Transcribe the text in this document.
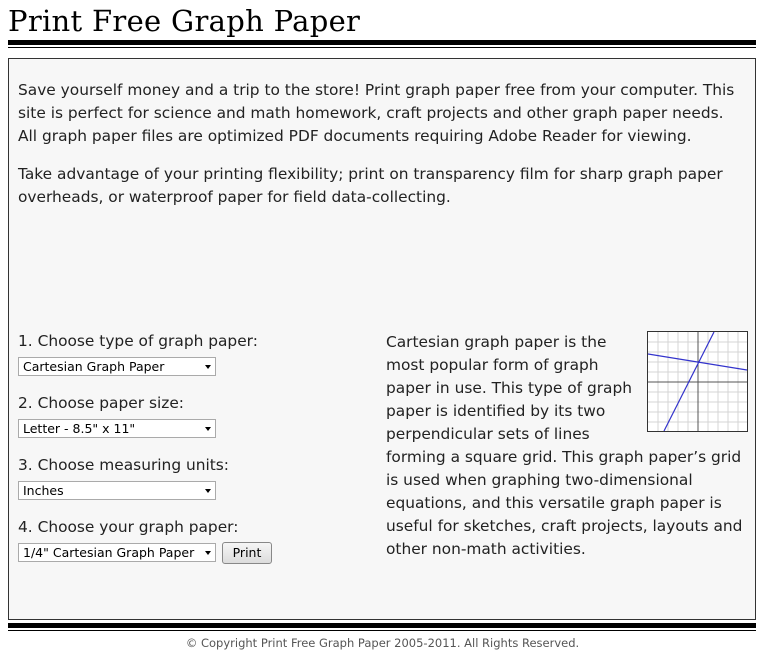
Print Free Graph Paper

Save yourself money and a trip to the store! Print graph paper free from your computer. This site is perfect for science and math homework, craft projects and other graph paper needs. All graph paper files are optimized PDF documents requiring Adobe Reader for viewing.

Take advantage of your printing flexibility; print on transparency film for sharp graph paper overheads, or waterproof paper for field data-collecting.

1. Choose type of graph paper:
Cartesian Graph Paper
2. Choose paper size:
Letter - 8.5" x 11"
3. Choose measuring units:
Inches
4. Choose your graph paper:
1/4" Cartesian Graph Paper	Print

Cartesian graph paper is the most popular form of graph paper in use. This type of graph paper is identified by its two perpendicular sets of lines forming a square grid. This graph paper’s grid is used when graphing two-dimensional equations, and this versatile graph paper is useful for sketches, craft projects, layouts and other non-math activities.

© Copyright Print Free Graph Paper 2005-2011. All Rights Reserved.
